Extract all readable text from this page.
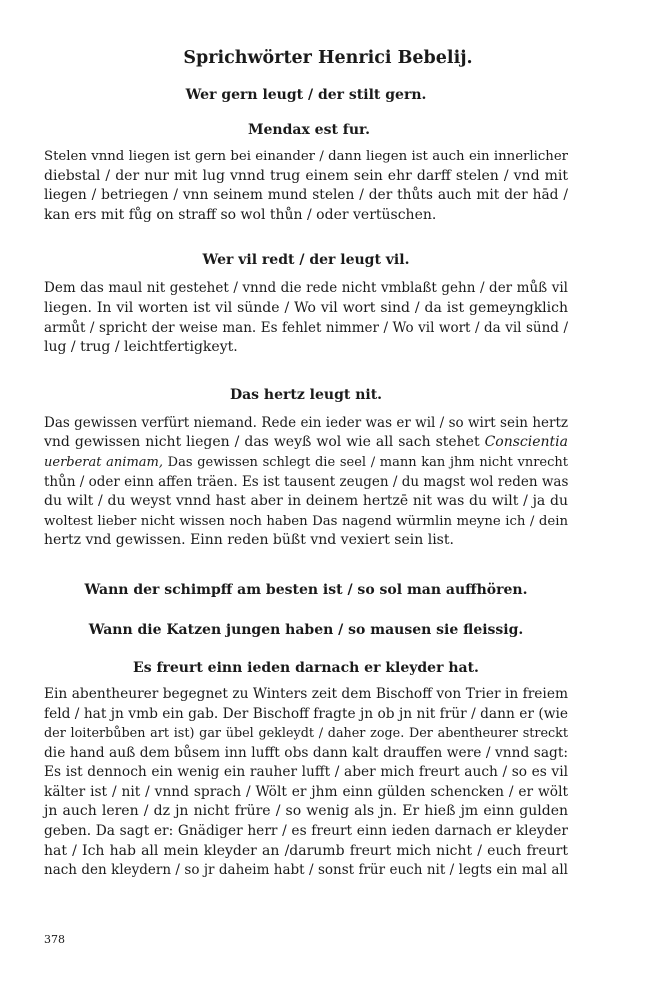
Sprichwörter Henrici Bebelij.
Wer gern leugt / der stilt gern.
Mendax est fur.
Stelen vnnd liegen ist gern bei einander / dann liegen ist auch ein innerlicher
diebstal / der nur mit lug vnnd trug einem sein ehr darff stelen / vnd mit
liegen / betriegen / vnn seinem mund stelen / der thůts auch mit der hād /
kan ers mit fůg on straff so wol thůn / oder vertüschen.
Wer vil redt / der leugt vil.
Dem das maul nit gestehet / vnnd die rede nicht vmblaßt gehn / der můß vil
liegen. In vil worten ist vil sünde / Wo vil wort sind / da ist gemeyngklich
armůt / spricht der weise man. Es fehlet nimmer / Wo vil wort / da vil sünd /
lug / trug / leichtfertigkeyt.
Das hertz leugt nit.
Das gewissen verfürt niemand. Rede ein ieder was er wil / so wirt sein hertz
vnd gewissen nicht liegen / das weyß wol wie all sach stehet Conscientia
uerberat animam, Das gewissen schlegt die seel / mann kan jhm nicht vnrecht
thůn / oder einn affen träen. Es ist tausent zeugen / du magst wol reden was
du wilt / du weyst vnnd hast aber in deinem hertzē nit was du wilt / ja du
woltest lieber nicht wissen noch haben Das nagend würmlin meyne ich / dein
hertz vnd gewissen. Einn reden büßt vnd vexiert sein list.
Wann der schimpff am besten ist / so sol man auffhören.
Wann die Katzen jungen haben / so mausen sie fleissig.
Es freurt einn ieden darnach er kleyder hat.
Ein abentheurer begegnet zu Winters zeit dem Bischoff von Trier in freiem
feld / hat jn vmb ein gab. Der Bischoff fragte jn ob jn nit frür / dann er (wie
der loiterbůben art ist) gar übel gekleydt / daher zoge. Der abentheurer streckt
die hand auß dem bůsem inn lufft obs dann kalt drauffen were / vnnd sagt:
Es ist dennoch ein wenig ein rauher lufft / aber mich freurt auch / so es vil
kälter ist / nit / vnnd sprach / Wölt er jhm einn gülden schencken / er wölt
jn auch leren / dz jn nicht früre / so wenig als jn. Er hieß jm einn gulden
geben. Da sagt er: Gnädiger herr / es freurt einn ieden darnach er kleyder
hat / Ich hab all mein kleyder an /darumb freurt mich nicht / euch freurt
nach den kleydern / so jr daheim habt / sonst frür euch nit / legts ein mal all
378
